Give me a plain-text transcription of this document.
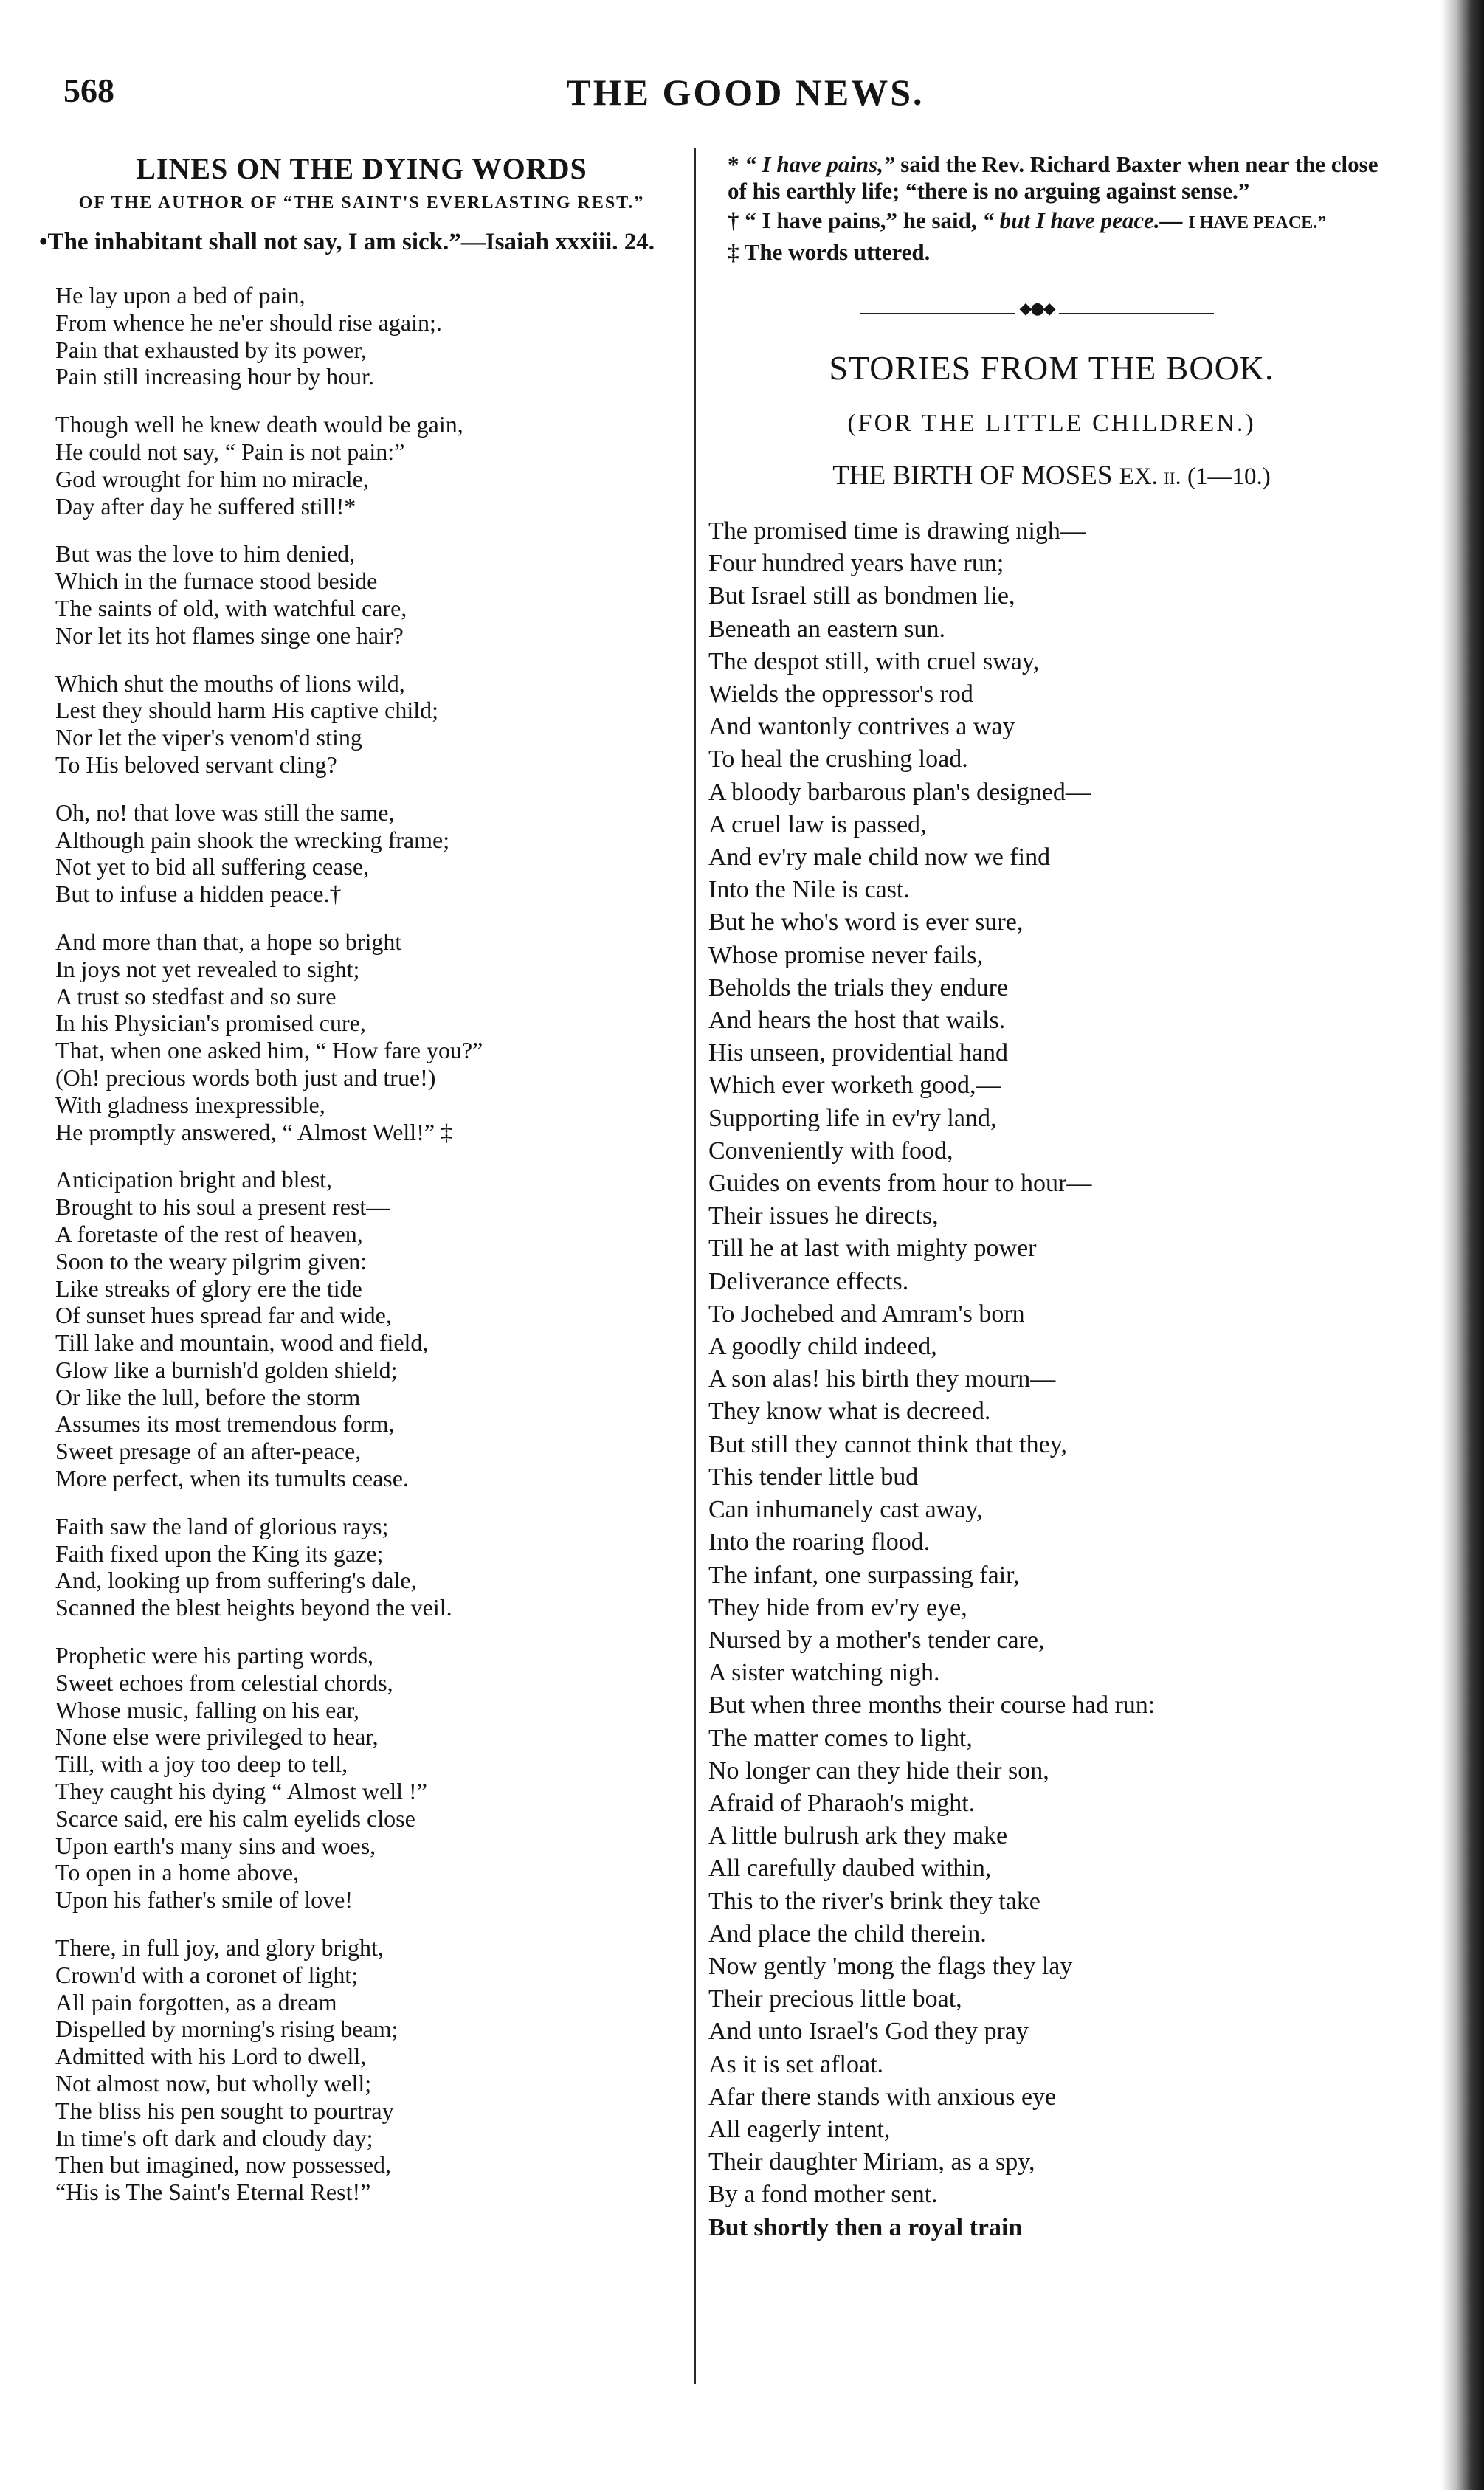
568	THE GOOD NEWS.
LINES ON THE DYING WORDS
OF THE AUTHOR OF “THE SAINT'S EVERLASTING REST.”
•The inhabitant shall not say, I am sick.”—Isaiah xxxiii. 24.
He lay upon a bed of pain,
From whence he ne'er should rise again;.
Pain that exhausted by its power,
Pain still increasing hour by hour.
Though well he knew death would be gain,
He could not say, “ Pain is not pain:”
God wrought for him no miracle,
Day after day he suffered still!*
But was the love to him denied,
Which in the furnace stood beside
The saints of old, with watchful care,
Nor let its hot flames singe one hair?
Which shut the mouths of lions wild,
Lest they should harm His captive child;
Nor let the viper's venom'd sting
To His beloved servant cling?
Oh, no! that love was still the same,
Although pain shook the wrecking frame;
Not yet to bid all suffering cease,
But to infuse a hidden peace.†
And more than that, a hope so bright
In joys not yet revealed to sight;
A trust so stedfast and so sure
In his Physician's promised cure,
That, when one asked him, “ How fare you?”
(Oh! precious words both just and true!)
With gladness inexpressible,
He promptly answered, “ Almost Well!” ‡
Anticipation bright and blest,
Brought to his soul a present rest—
A foretaste of the rest of heaven,
Soon to the weary pilgrim given:
Like streaks of glory ere the tide
Of sunset hues spread far and wide,
Till lake and mountain, wood and field,
Glow like a burnish'd golden shield;
Or like the lull, before the storm
Assumes its most tremendous form,
Sweet presage of an after-peace,
More perfect, when its tumults cease.
Faith saw the land of glorious rays;
Faith fixed upon the King its gaze;
And, looking up from suffering's dale,
Scanned the blest heights beyond the veil.
Prophetic were his parting words,
Sweet echoes from celestial chords,
Whose music, falling on his ear,
None else were privileged to hear,
Till, with a joy too deep to tell,
They caught his dying “ Almost well !”
Scarce said, ere his calm eyelids close
Upon earth's many sins and woes,
To open in a home above,
Upon his father's smile of love!
There, in full joy, and glory bright,
Crown'd with a coronet of light;
All pain forgotten, as a dream
Dispelled by morning's rising beam;
Admitted with his Lord to dwell,
Not almost now, but wholly well;
The bliss his pen sought to pourtray
In time's oft dark and cloudy day;
Then but imagined, now possessed,
“His is The Saint's Eternal Rest!”
* “ I have pains,” said the Rev. Richard Baxter when near the close of his earthly life; “there is no arguing against sense.”
† “ I have pains,” he said, “ but I have peace.— I HAVE PEACE.”
‡ The words uttered.
◆●◆
STORIES FROM THE BOOK.
(FOR THE LITTLE CHILDREN.)
THE BIRTH OF MOSES EX. ii. (1—10.)
The promised time is drawing nigh—
Four hundred years have run;
But Israel still as bondmen lie,
Beneath an eastern sun.
The despot still, with cruel sway,
Wields the oppressor's rod
And wantonly contrives a way
To heal the crushing load.
A bloody barbarous plan's designed—
A cruel law is passed,
And ev'ry male child now we find
Into the Nile is cast.
But he who's word is ever sure,
Whose promise never fails,
Beholds the trials they endure
And hears the host that wails.
His unseen, providential hand
Which ever worketh good,—
Supporting life in ev'ry land,
Conveniently with food,
Guides on events from hour to hour—
Their issues he directs,
Till he at last with mighty power
Deliverance effects.
To Jochebed and Amram's born
A goodly child indeed,
A son alas! his birth they mourn—
They know what is decreed.
But still they cannot think that they,
This tender little bud
Can inhumanely cast away,
Into the roaring flood.
The infant, one surpassing fair,
They hide from ev'ry eye,
Nursed by a mother's tender care,
A sister watching nigh.
But when three months their course had run:
The matter comes to light,
No longer can they hide their son,
Afraid of Pharaoh's might.
A little bulrush ark they make
All carefully daubed within,
This to the river's brink they take
And place the child therein.
Now gently 'mong the flags they lay
Their precious little boat,
And unto Israel's God they pray
As it is set afloat.
Afar there stands with anxious eye
All eagerly intent,
Their daughter Miriam, as a spy,
By a fond mother sent.
But shortly then a royal train
